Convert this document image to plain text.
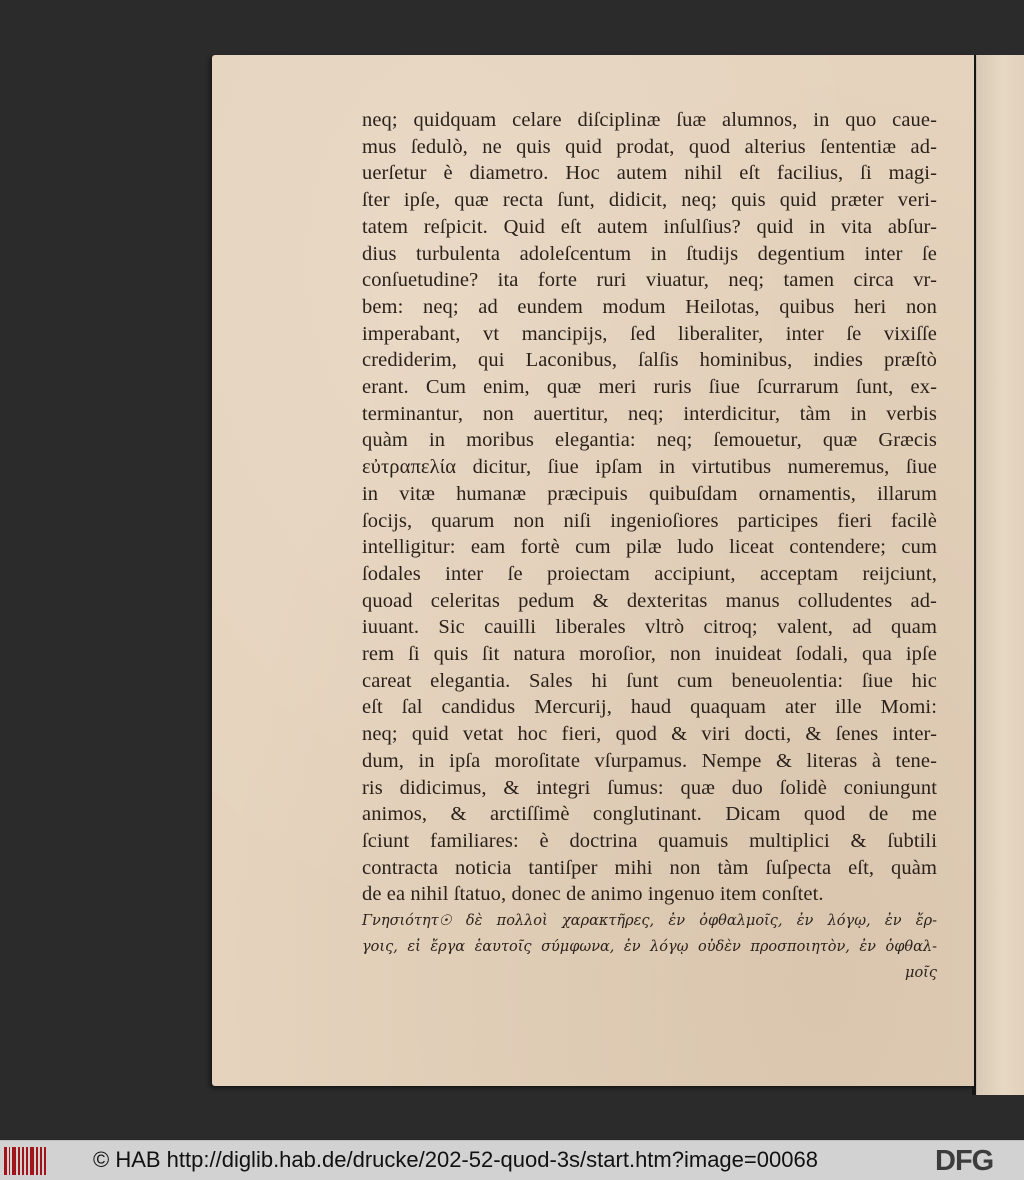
neq; quidquam celare diſciplinæ ſuæ alumnos, in quo caue-
mus ſedulò, ne quis quid prodat, quod alterius ſententiæ ad-
uerſetur è diametro. Hoc autem nihil eſt facilius, ſi magi-
ſter ipſe, quæ recta ſunt, didicit, neq; quis quid præter veri-
tatem reſpicit. Quid eſt autem inſulſius? quid in vita abſur-
dius turbulenta adoleſcentum in ſtudijs degentium inter ſe
conſuetudine? ita forte ruri viuatur, neq; tamen circa vr-
bem: neq; ad eundem modum Heilotas, quibus heri non
imperabant, vt mancipijs, ſed liberaliter, inter ſe vixiſſe
crediderim, qui Laconibus, ſalſis hominibus, indies præſtò
erant. Cum enim, quæ meri ruris ſiue ſcurrarum ſunt, ex-
terminantur, non auertitur, neq; interdicitur, tàm in verbis
quàm in moribus elegantia: neq; ſemouetur, quæ Græcis
εὐτραπελία dicitur, ſiue ipſam in virtutibus numeremus, ſiue
in vitæ humanæ præcipuis quibuſdam ornamentis, illarum
ſocijs, quarum non niſi ingenioſiores participes fieri facilè
intelligitur: eam fortè cum pilæ ludo liceat contendere; cum
ſodales inter ſe proiectam accipiunt, acceptam reijciunt,
quoad celeritas pedum & dexteritas manus colludentes ad-
iuuant. Sic cauilli liberales vltrò citroq; valent, ad quam
rem ſi quis ſit natura moroſior, non inuideat ſodali, qua ipſe
careat elegantia. Sales hi ſunt cum beneuolentia: ſiue hic
eſt ſal candidus Mercurij, haud quaquam ater ille Momi:
neq; quid vetat hoc fieri, quod & viri docti, & ſenes inter-
dum, in ipſa moroſitate vſurpamus. Nempe & literas à tene-
ris didicimus, & integri ſumus: quæ duo ſolidè coniungunt
animos, & arctiſſimè conglutinant. Dicam quod de me
ſciunt familiares: è doctrina quamuis multiplici & ſubtili
contracta noticia tantiſper mihi non tàm ſuſpecta eſt, quàm
de ea nihil ſtatuo, donec de animo ingenuo item conſtet.
Γνησιότητ☉ δὲ πολλοὶ χαρακτῆρες, ἐν ὀφθαλμοῖς, ἐν λόγῳ, ἐν ἔρ-
γοις, εἰ ἔργα ἑαυτοῖς σύμφωνα, ἐν λόγῳ οὐδὲν προσποιητὸν, ἐν ὀφθαλ-
μοῖς
© HAB http://diglib.hab.de/drucke/202-52-quod-3s/start.htm?image=00068	DFG
